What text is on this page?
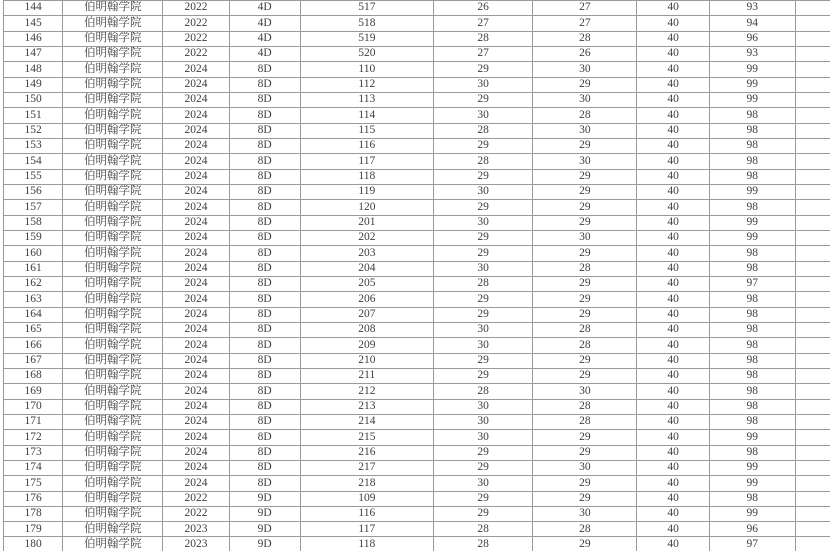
144	伯明翰学院	2022	4D	517	26	27	40	93	
145	伯明翰学院	2022	4D	518	27	27	40	94	
146	伯明翰学院	2022	4D	519	28	28	40	96	
147	伯明翰学院	2022	4D	520	27	26	40	93	
148	伯明翰学院	2024	8D	110	29	30	40	99	
149	伯明翰学院	2024	8D	112	30	29	40	99	
150	伯明翰学院	2024	8D	113	29	30	40	99	
151	伯明翰学院	2024	8D	114	30	28	40	98	
152	伯明翰学院	2024	8D	115	28	30	40	98	
153	伯明翰学院	2024	8D	116	29	29	40	98	
154	伯明翰学院	2024	8D	117	28	30	40	98	
155	伯明翰学院	2024	8D	118	29	29	40	98	
156	伯明翰学院	2024	8D	119	30	29	40	99	
157	伯明翰学院	2024	8D	120	29	29	40	98	
158	伯明翰学院	2024	8D	201	30	29	40	99	
159	伯明翰学院	2024	8D	202	29	30	40	99	
160	伯明翰学院	2024	8D	203	29	29	40	98	
161	伯明翰学院	2024	8D	204	30	28	40	98	
162	伯明翰学院	2024	8D	205	28	29	40	97	
163	伯明翰学院	2024	8D	206	29	29	40	98	
164	伯明翰学院	2024	8D	207	29	29	40	98	
165	伯明翰学院	2024	8D	208	30	28	40	98	
166	伯明翰学院	2024	8D	209	30	28	40	98	
167	伯明翰学院	2024	8D	210	29	29	40	98	
168	伯明翰学院	2024	8D	211	29	29	40	98	
169	伯明翰学院	2024	8D	212	28	30	40	98	
170	伯明翰学院	2024	8D	213	30	28	40	98	
171	伯明翰学院	2024	8D	214	30	28	40	98	
172	伯明翰学院	2024	8D	215	30	29	40	99	
173	伯明翰学院	2024	8D	216	29	29	40	98	
174	伯明翰学院	2024	8D	217	29	30	40	99	
175	伯明翰学院	2024	8D	218	30	29	40	99	
176	伯明翰学院	2022	9D	109	29	29	40	98	
178	伯明翰学院	2022	9D	116	29	30	40	99	
179	伯明翰学院	2023	9D	117	28	28	40	96	
180	伯明翰学院	2023	9D	118	28	29	40	97	
